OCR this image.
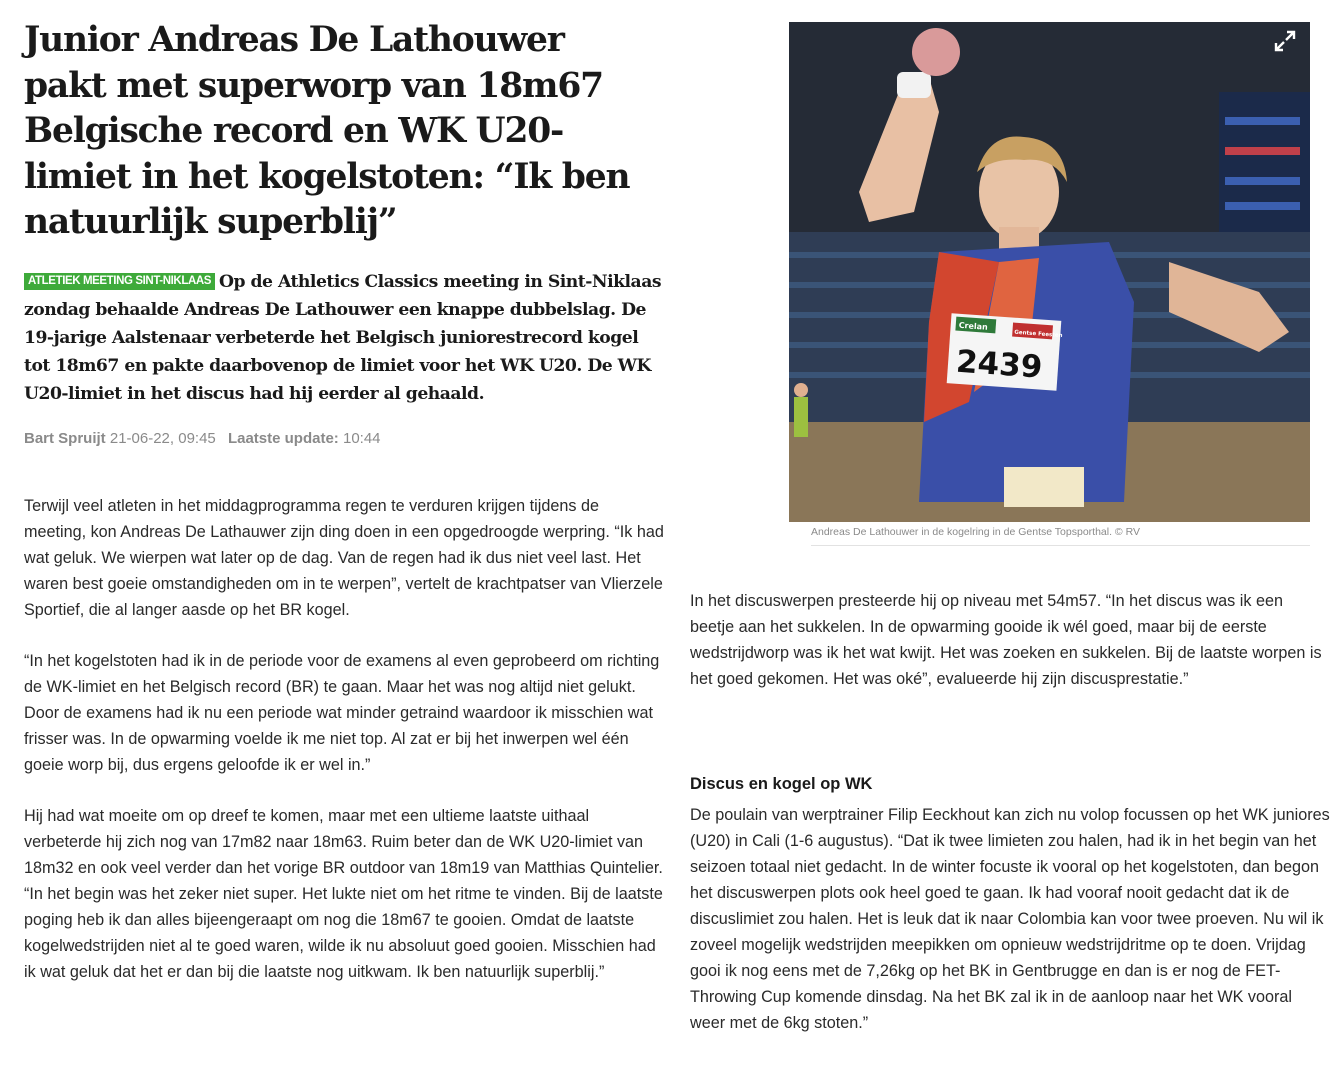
Junior Andreas De Lathouwer pakt met superworp van 18m67 Belgische record en WK U20-limiet in het kogelstoten: “Ik ben natuurlijk superblij”
ATLETIEK MEETING SINT-NIKLAAS Op de Athletics Classics meeting in Sint-Niklaas zondag behaalde Andreas De Lathouwer een knappe dubbelslag. De 19-jarige Aalstenaar verbeterde het Belgisch juniorestrecord kogel tot 18m67 en pakte daarbovenop de limiet voor het WK U20. De WK U20-limiet in het discus had hij eerder al gehaald.
Bart Spruijt 21-06-22, 09:45 Laatste update: 10:44

Terwijl veel atleten in het middagprogramma regen te verduren krijgen tijdens de meeting, kon Andreas De Lathauwer zijn ding doen in een opgedroogde werpring. “Ik had wat geluk. We wierpen wat later op de dag. Van de regen had ik dus niet veel last. Het waren best goeie omstandigheden om in te werpen”, vertelt de krachtpatser van Vlierzele Sportief, die al langer aasde op het BR kogel.

“In het kogelstoten had ik in de periode voor de examens al even geprobeerd om richting de WK-limiet en het Belgisch record (BR) te gaan. Maar het was nog altijd niet gelukt. Door de examens had ik nu een periode wat minder getraind waardoor ik misschien wat frisser was. In de opwarming voelde ik me niet top. Al zat er bij het inwerpen wel één goeie worp bij, dus ergens geloofde ik er wel in.”

Hij had wat moeite om op dreef te komen, maar met een ultieme laatste uithaal verbeterde hij zich nog van 17m82 naar 18m63. Ruim beter dan de WK U20-limiet van 18m32 en ook veel verder dan het vorige BR outdoor van 18m19 van Matthias Quintelier. “In het begin was het zeker niet super. Het lukte niet om het ritme te vinden. Bij de laatste poging heb ik dan alles bijeengeraapt om nog die 18m67 te gooien. Omdat de laatste kogelwedstrijden niet al te goed waren, wilde ik nu absoluut goed gooien. Misschien had ik wat geluk dat het er dan bij die laatste nog uitkwam. Ik ben natuurlijk superblij.”

2439
Crelan
Gentse Feesten
Andreas De Lathouwer in de kogelring in de Gentse Topsporthal. © RV

In het discuswerpen presteerde hij op niveau met 54m57. “In het discus was ik een beetje aan het sukkelen. In de opwarming gooide ik wél goed, maar bij de eerste wedstrijdworp was ik het wat kwijt. Het was zoeken en sukkelen. Bij de laatste worpen is het goed gekomen. Het was oké”, evalueerde hij zijn discusprestatie.”

Discus en kogel op WK

De poulain van werptrainer Filip Eeckhout kan zich nu volop focussen op het WK juniores (U20) in Cali (1-6 augustus). “Dat ik twee limieten zou halen, had ik in het begin van het seizoen totaal niet gedacht. In de winter focuste ik vooral op het kogelstoten, dan begon het discuswerpen plots ook heel goed te gaan. Ik had vooraf nooit gedacht dat ik de discuslimiet zou halen. Het is leuk dat ik naar Colombia kan voor twee proeven. Nu wil ik zoveel mogelijk wedstrijden meepikken om opnieuw wedstrijdritme op te doen. Vrijdag gooi ik nog eens met de 7,26kg op het BK in Gentbrugge en dan is er nog de FET-Throwing Cup komende dinsdag. Na het BK zal ik in de aanloop naar het WK vooral weer met de 6kg stoten.”
